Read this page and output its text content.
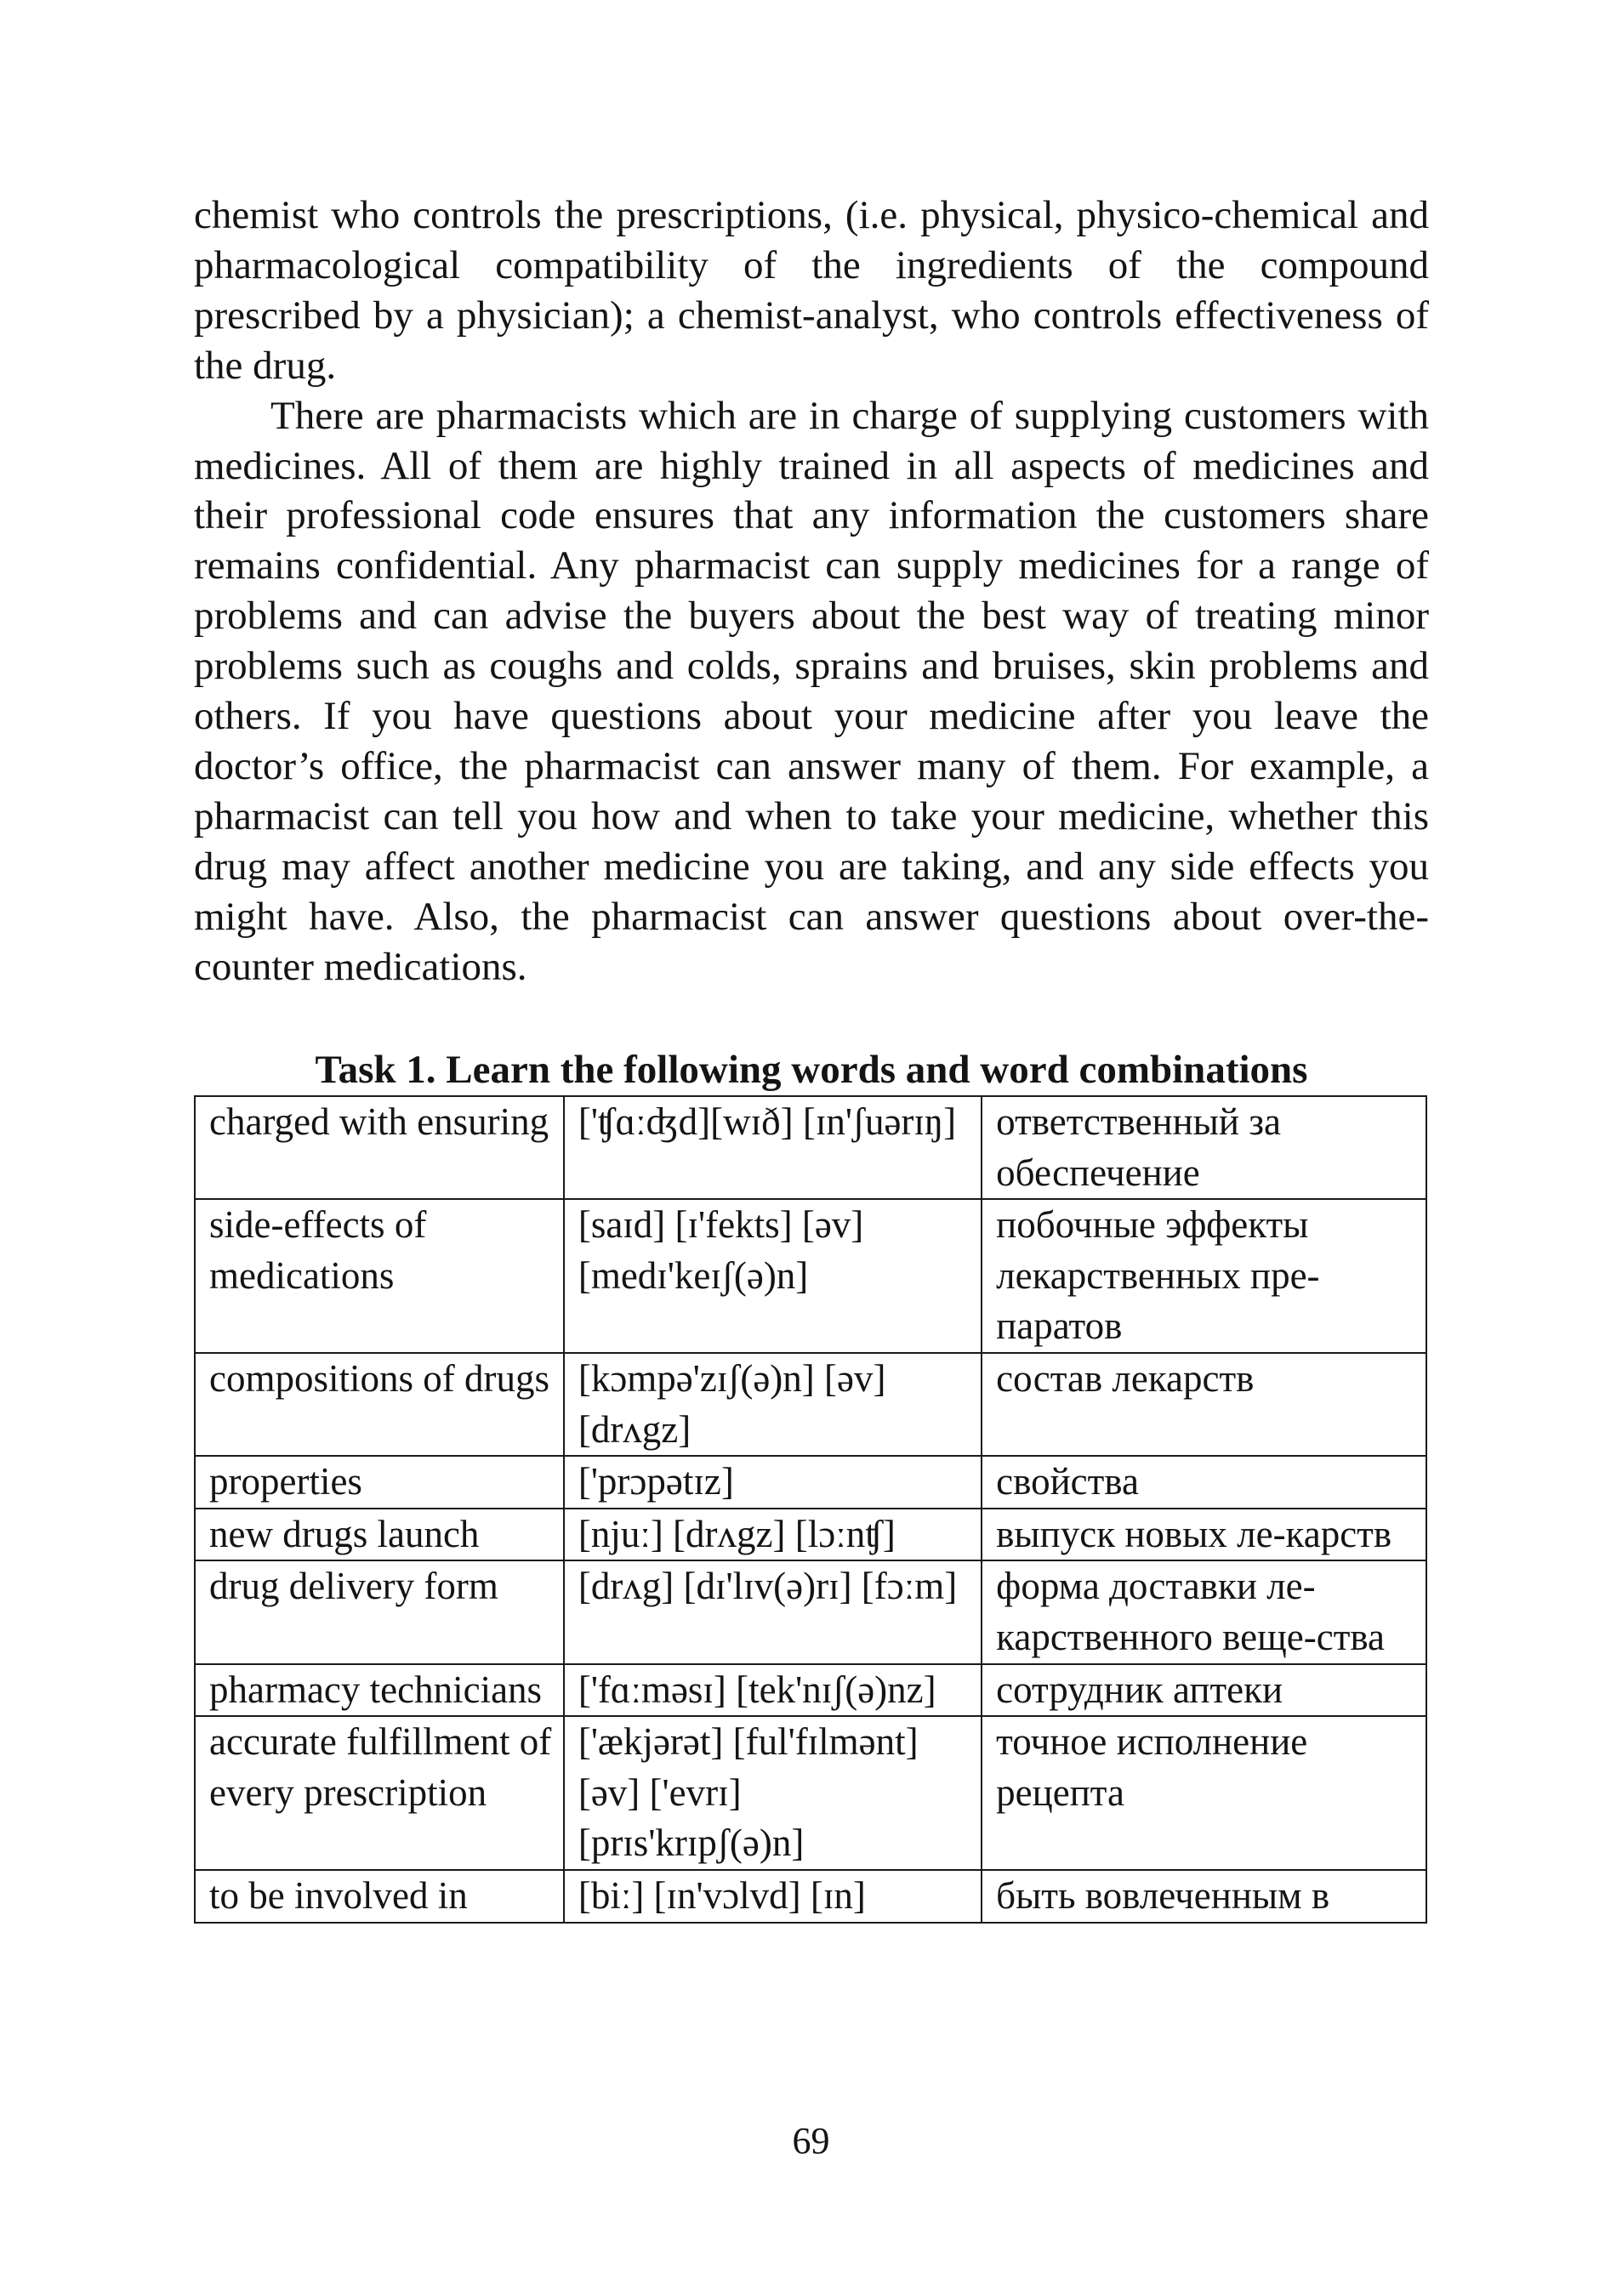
chemist who controls the prescriptions, (i.e. physical, physico-chemical and pharmacological compatibility of the ingredients of the compound prescribed by a physician); a chemist-analyst, who controls effectiveness of the drug.

There are pharmacists which are in charge of supplying customers with medicines. All of them are highly trained in all aspects of medicines and their professional code ensures that any information the customers share remains confidential. Any pharmacist can supply medicines for a range of problems and can advise the buyers about the best way of treating minor problems such as coughs and colds, sprains and bruises, skin problems and others. If you have questions about your medicine after you leave the doctor’s office, the pharmacist can answer many of them. For example, a pharmacist can tell you how and when to take your medicine, whether this drug may affect another medicine you are taking, and any side effects you might have. Also, the pharmacist can answer questions about over-the-counter medications.

Task 1. Learn the following words and word combinations

charged with ensuring	['ʧɑːʤd][wɪð] [ɪn'ʃuərɪŋ]	ответственный за обеспечение
side-effects of medications	[saɪd] [ɪ'fekts] [əv] [medɪ'keɪʃ(ə)n]	побочные эффекты лекарственных пре-паратов
compositions of drugs	[kɔmpə'zɪʃ(ə)n] [əv] [drʌgz]	состав лекарств
properties	['prɔpətɪz]	свойства
new drugs launch	[njuː] [drʌgz] [lɔːnʧ]	выпуск новых ле-карств
drug delivery form	[drʌg] [dɪ'lɪv(ə)rɪ] [fɔːm]	форма доставки ле-карственного веще-ства
pharmacy technicians	['fɑːməsɪ] [tek'nɪʃ(ə)nz]	сотрудник аптеки
accurate fulfillment of every prescription	['ækjərət] [ful'fɪlmənt] [əv] ['evrɪ] [prɪs'krɪpʃ(ə)n]	точное исполнение рецепта
to be involved in	[biː] [ɪn'vɔlvd] [ɪn]	быть вовлеченным в
69
